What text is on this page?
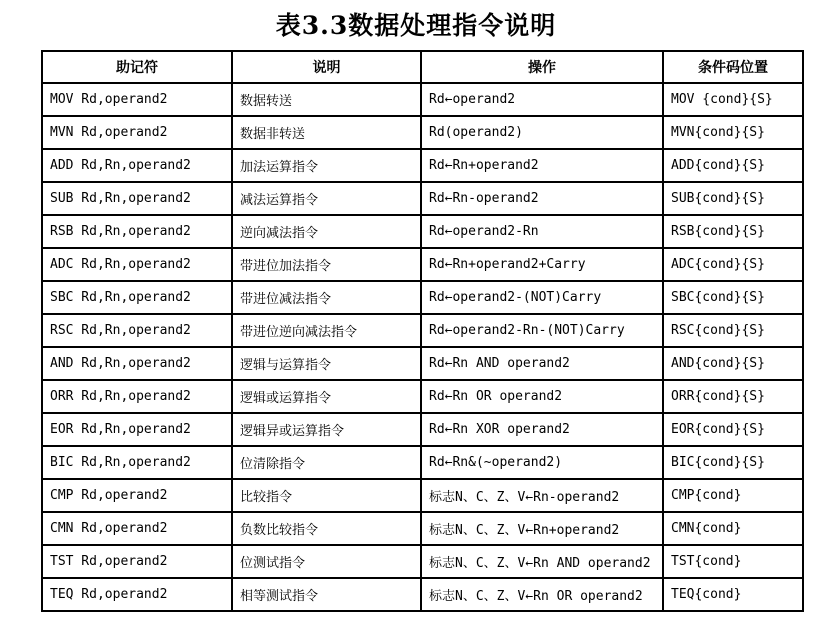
表3.3数据处理指令说明
助记符	说明	操作	条件码位置
MOV Rd,operand2	数据转送	Rd←operand2	MOV {cond}{S}
MVN Rd,operand2	数据非转送	Rd(operand2)	MVN{cond}{S}
ADD Rd,Rn,operand2	加法运算指令	Rd←Rn+operand2	ADD{cond}{S}
SUB Rd,Rn,operand2	减法运算指令	Rd←Rn-operand2	SUB{cond}{S}
RSB Rd,Rn,operand2	逆向减法指令	Rd←operand2-Rn	RSB{cond}{S}
ADC Rd,Rn,operand2	带进位加法指令	Rd←Rn+operand2+Carry	ADC{cond}{S}
SBC Rd,Rn,operand2	带进位减法指令	Rd←operand2-(NOT)Carry	SBC{cond}{S}
RSC Rd,Rn,operand2	带进位逆向减法指令	Rd←operand2-Rn-(NOT)Carry	RSC{cond}{S}
AND Rd,Rn,operand2	逻辑与运算指令	Rd←Rn AND operand2	AND{cond}{S}
ORR Rd,Rn,operand2	逻辑或运算指令	Rd←Rn OR operand2	ORR{cond}{S}
EOR Rd,Rn,operand2	逻辑异或运算指令	Rd←Rn XOR operand2	EOR{cond}{S}
BIC Rd,Rn,operand2	位清除指令	Rd←Rn&(~operand2)	BIC{cond}{S}
CMP Rd,operand2	比较指令	标志N、C、Z、V←Rn-operand2	CMP{cond}
CMN Rd,operand2	负数比较指令	标志N、C、Z、V←Rn+operand2	CMN{cond}
TST Rd,operand2	位测试指令	标志N、C、Z、V←Rn AND operand2	TST{cond}
TEQ Rd,operand2	相等测试指令	标志N、C、Z、V←Rn OR operand2	TEQ{cond}
